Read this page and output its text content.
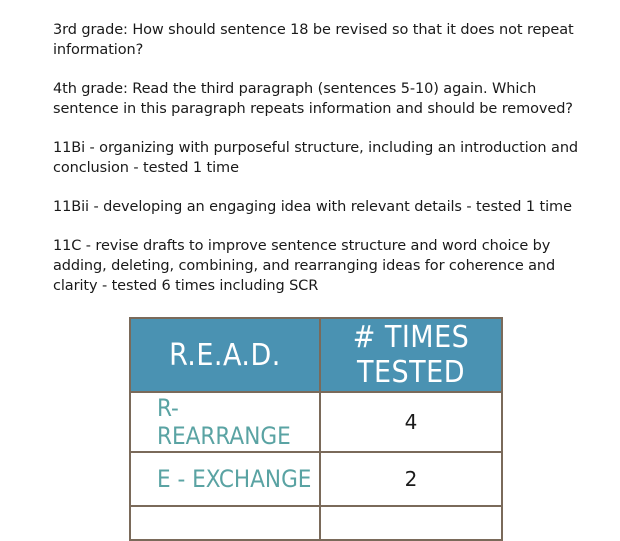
3rd grade: How should sentence 18 be revised so that it does not repeat information?

4th grade: Read the third paragraph (sentences 5-10) again. Which sentence in this paragraph repeats information and should be removed?

11Bi - organizing with purposeful structure, including an introduction and conclusion - tested 1 time

11Bii - developing an engaging idea with relevant details - tested 1 time

11C - revise drafts to improve sentence structure and word choice by adding, deleting, combining, and rearranging ideas for coherence and clarity - tested 6 times including SCR

R.E.A.D.	# TIMES TESTED
R- REARRANGE	4
E - EXCHANGE	2
